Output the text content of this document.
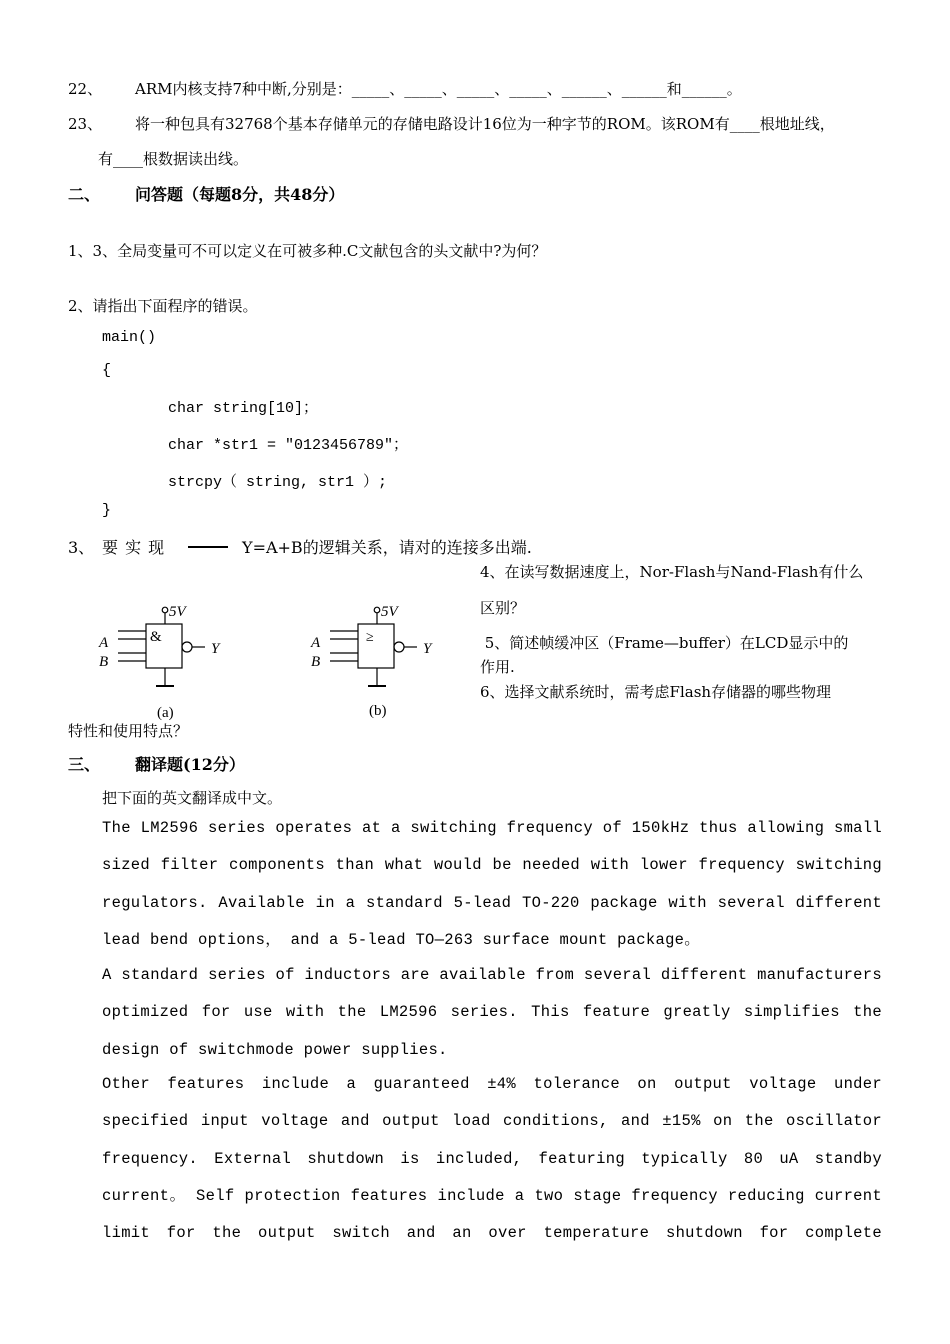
22、 ARM内核支持7种中断,分别是：_____、_____、_____、_____、______、______和______。
23、 将一种包具有32768个基本存储单元的存储电路设计16位为一种字节的ROM。该ROM有____根地址线，
有____根数据读出线。
二、 问答题（每题8分，共48分）
1、3、全局变量可不可以定义在可被多种.C文献包含的头文献中?为何？
2、请指出下面程序的错误。
main()
{
char string[10]；
char *str1 = "0123456789"；
strcpy（ string, str1 ）;
}
3、 要 实 现	Y=A+B的逻辑关系，请对的连接多出端.
4、在读写数据速度上，Nor-Flash与Nand-Flash有什么
区别？
5、简述帧缓冲区（Frame—buffer）在LCD显示中的
作用.
6、选择文献系统时，需考虑Flash存储器的哪些物理
5V
&
A
B
Y
(a)
5V
≥
A
B
Y
(b)
特性和使用特点？
三、 翻译题(12分）
把下面的英文翻译成中文。
The LM2596 series operates at a switching frequency of 150kHz thus allowing small
sized filter components than what would be needed with lower frequency switching
regulators. Available in a standard 5-lead TO-220 package with several different
lead bend options， and a 5-lead TO—263 surface mount package。
A standard series of inductors are available from several different manufacturers
optimized for use with the LM2596 series. This feature greatly simplifies the
design of switchmode power supplies.
Other features include a guaranteed ±4% tolerance on output voltage under
specified input voltage and output load conditions, and ±15% on the oscillator
frequency. External shutdown is included, featuring typically 80 uA standby
current。 Self protection features include a two stage frequency reducing current
limit for the output switch and an over temperature shutdown for complete
